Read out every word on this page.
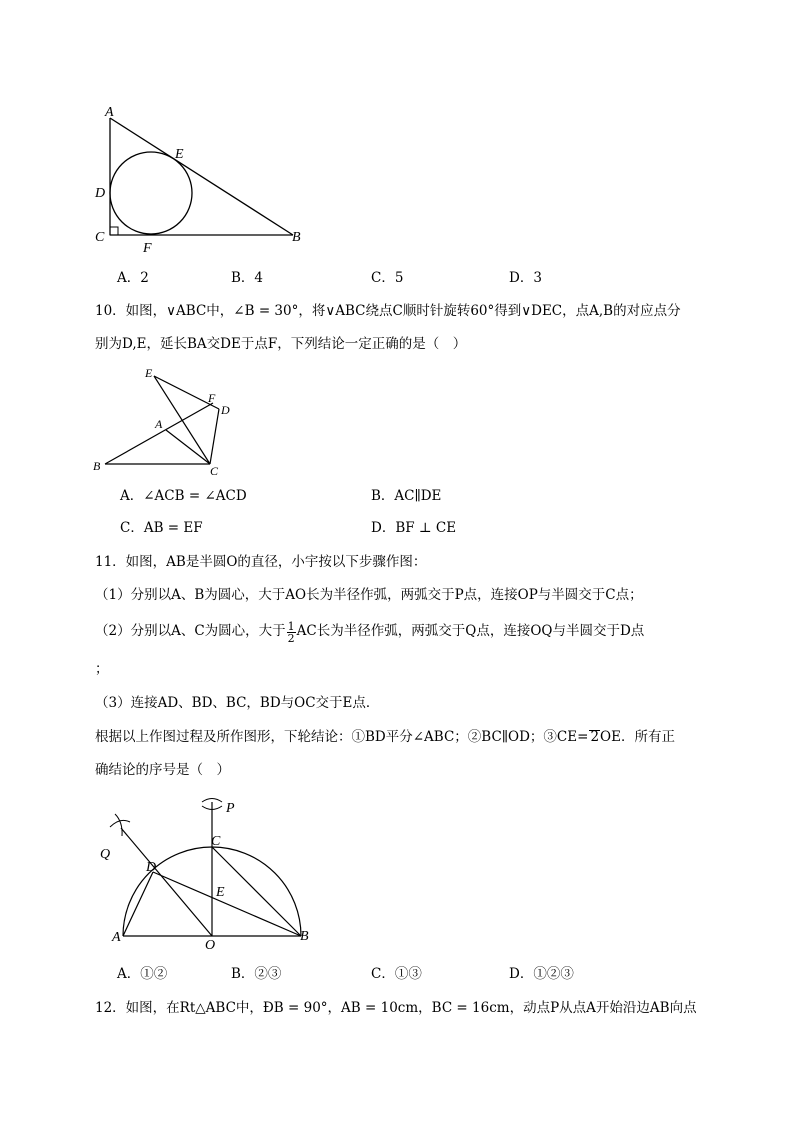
A
E
D
C
F
B
A．2	B．4	C．5	D．3
10．如图，∨ABC中，∠B = 30°，将∨ABC绕点C顺时针旋转60°得到∨DEC，点A,B的对应点分
别为D,E，延长BA交DE于点F，下列结论一定正确的是（　）
E
F
D
A
B	C
A．∠ACB = ∠ACD	B．AC∥DE
C．AB = EF	D．BF ⊥ CE
11．如图，AB是半圆O的直径，小宇按以下步骤作图：
（1）分别以A、B为圆心，大于AO长为半径作弧，两弧交于P点，连接OP与半圆交于C点；
（2）分别以A、C为圆心，大于 $\frac{1}{2}$ AC长为半径作弧，两弧交于Q点，连接OQ与半圆交于D点
；
（3）连接AD、BD、BC，BD与OC交于E点．
根据以上作图过程及所作图形，下轮结论：①BD平分∠ABC；②BC∥OD；③CE= 2OE．所有正
确结论的序号是（　）
P
C
Q
D
E
A
O
B
A．①②	B．②③	C．①③	D．①②③
12．如图，在Rt△ABC中，ÐB = 90°，AB = 10cm，BC = 16cm，动点P从点A开始沿边AB向点
